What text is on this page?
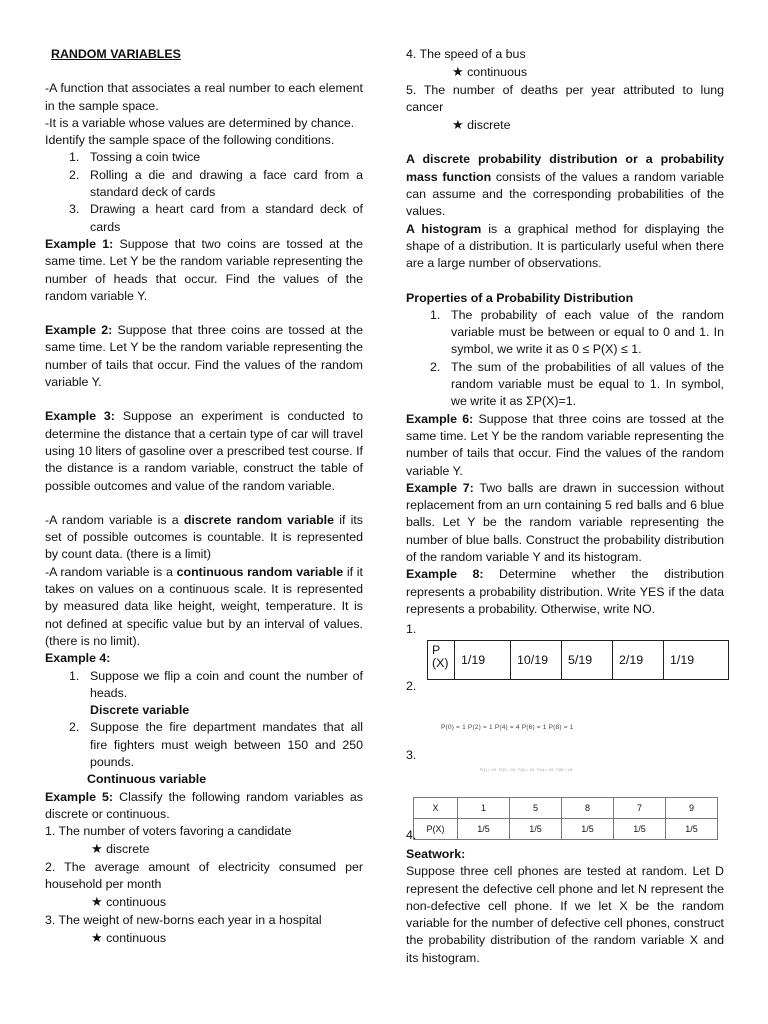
RANDOM VARIABLES

-A function that associates a real number to each element in the sample space.

-It is a variable whose values are determined by chance.

Identify the sample space of the following conditions.

1. Tossing a coin twice
2. Rolling a die and drawing a face card from a standard deck of cards
3. Drawing a heart card from a standard deck of cards

Example 1: Suppose that two coins are tossed at the same time. Let Y be the random variable representing the number of heads that occur. Find the values of the random variable Y.

Example 2: Suppose that three coins are tossed at the same time. Let Y be the random variable representing the number of tails that occur. Find the values of the random variable Y.

Example 3: Suppose an experiment is conducted to determine the distance that a certain type of car will travel using 10 liters of gasoline over a prescribed test course. If the distance is a random variable, construct the table of possible outcomes and value of the random variable.

-A random variable is a discrete random variable if its set of possible outcomes is countable. It is represented by count data. (there is a limit)

-A random variable is a continuous random variable if it takes on values on a continuous scale. It is represented by measured data like height, weight, temperature. It is not defined at specific value but by an interval of values. (there is no limit).

Example 4:

1. Suppose we flip a coin and count the number of heads.

Discrete variable

2. Suppose the fire department mandates that all fire fighters must weigh between 150 and 250 pounds.

Continuous variable

Example 5: Classify the following random variables as discrete or continuous.

1. The number of voters favoring a candidate

★ discrete

2. The average amount of electricity consumed per household per month

★ continuous

3. The weight of new-borns each year in a hospital

★ continuous

4. The speed of a bus

★ continuous

5. The number of deaths per year attributed to lung cancer

★ discrete

A discrete probability distribution or a probability mass function consists of the values a random variable can assume and the corresponding probabilities of the values.

A histogram is a graphical method for displaying the shape of a distribution. It is particularly useful when there are a large number of observations.

Properties of a Probability Distribution

1. The probability of each value of the random variable must be between or equal to 0 and 1. In symbol, we write it as 0 ≤ P(X) ≤ 1.
2. The sum of the probabilities of all values of the random variable must be equal to 1. In symbol, we write it as ΣP(X)=1.

Example 6: Suppose that three coins are tossed at the same time. Let Y be the random variable representing the number of tails that occur. Find the values of the random variable Y.

Example 7: Two balls are drawn in succession without replacement from an urn containing 5 red balls and 6 blue balls. Let Y be the random variable representing the number of blue balls. Construct the probability distribution of the random variable Y and its histogram.

Example 8: Determine whether the distribution represents a probability distribution. Write YES if the data represents a probability. Otherwise, write NO.

1.
P(X)	1/19	10/19	5/19	2/19	1/19
2.
P(0) = 1 P(2) = 1 P(4) = 4 P(6) = 1 P(8) = 1
3.
P(1) = 1/5 , P(2) = 1/5 , P(3) = 1/5 , P(4) = 1/5 , P(5) = 1/5
X	1	5	8	7	9
P(X)	1/5	1/5	1/5	1/5	1/5
4.

Seatwork:

Suppose three cell phones are tested at random. Let D represent the defective cell phone and let N represent the non-defective cell phone. If we let X be the random variable for the number of defective cell phones, construct the probability distribution of the random variable X and its histogram.
